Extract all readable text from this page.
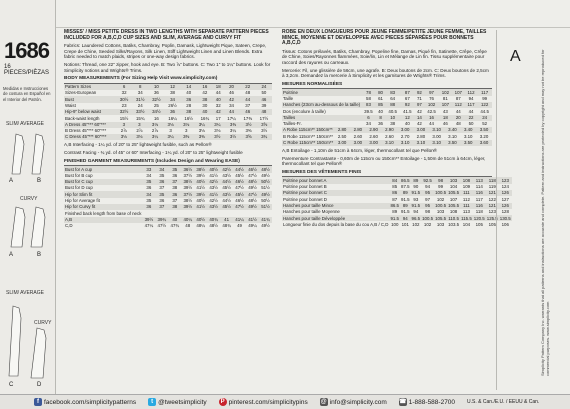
1686
16 PIECES/PIÈZAS
Medidas e Instrucciones de costura en Español en el Interior del Patrón.
SLIM/ AVERAGE
A	B
CURVY
A	B
SLIM/ AVERAGE
CURVY
C	D
MISSES' / MISS PETITE DRESS IN TWO LENGTHS WITH SEPARATE PATTERN PIECES INCLUDED FOR A,B,C,D CUP SIZES AND SLIM, AVERAGE AND CURVY FIT
Fabrics: Laundered Cottons, Batiks, Chambray, Poplin, Damask, Lightweight Pique, Sateen, Crepe, Crepe de Chine, Seeded Silks/Rayons, Silk Linen, Stiff Lightweight Linen and Linen Blends. Extra fabric needed to match plaids, stripes or one-way design fabrics.
Notions: Thread, one 22" zipper, hook and eye. B: Two ⅞" buttons. C: Two 1" to 1¼" buttons. Look for Simplicity notions and Wrights® Trims.
BODY MEASUREMENTS (For Sizing Help Visit www.simplicity.com)
Pattern Sizes	6	8	10	12	14	16	18	20	22	24
Sizes-European	32	34	36	38	40	42	44	46	48	50
Bust	30½	31½	32½	34	36	38	40	42	44	46
Waist	23	24	25	26½	28	30	32	34	37	39
Hip-9" below waist	32½	33½	34½	36	38	40	42	44	46	48
Back-waist length	15½	15¾	16	16¼	16½	16¾	17	17¼	17⅜	17½
A Dress 45"*** 60"***	3	3	3⅛	3⅛	3⅛	3¼	3¼	3⅜	3½	3⅝
B Dress 45"*** 60"***	2⅞	2⅞	2⅞	3	3	3⅛	3⅛	3¼	3⅜	3½
C Dress 45"*** 60"***	3⅛	3⅛	3¼	3¼	3⅜	3⅜	3½	3½	3⅝	3¾
A,B Interfacing - 1¼ yd. of 20" to 25" lightweight fusible, such as Pellon®
Contrast Facing - ¾ yd. of 45" or 60" Interfacing - 1¼ yd. of 20" to 25" lightweight fusible
FINISHED GARMENT MEASUREMENTS (Includes Design and Wearing EASE)
Bust for A cup	33	34	35	36½	38½	40½	42½	44½	46½	48½
Bust for B cup	34	35	36	37½	39½	41½	43½	45½	47½	49½
Bust for C cup	35	36	37	38½	40½	42½	44½	46½	48½	50½
Bust for D cup	36	37	38	39½	41½	43½	45½	47½	49½	51½
Hip for Slim fit	34	35	36	37½	39½	41½	43½	45½	47½	49½
Hip for Average fit	35	36	37	38½	40½	42½	44½	46½	48½	50½
Hip for Curvy fit	36	37	38	39½	41½	43½	45½	47½	49½	51½
Finished back length from base of neck										
A,B	39½	39¾	40	40¼	40½	40¾	41	41¼	41½	41¾
C,D	47¼	47½	47¾	48	48¼	48½	48¾	49	49¼	49½
ROBE EN DEUX LONGUEURS POUR JEUNE FEMME/PETITE JEUNE FEMME, TAILLES MINCE, MOYENNE ET DEVELOPPEE AVEC PIECES SÉPARÉES POUR BONNETS A,B,C,D
Tissus: Cotons prélavés, Batiks, Chambray, Popeline fine, Damas, Piqué fin, Satinette, Crêpe, Crêpe de Chine, Soies/Rayonnes flammées, Soie/lin, Lin et Mélange de Lin fin. Tissu supplémentaire pour raccord des rayures ou carreaux.
Mercerie: Fil, une glissière de 56cm, une agrafe. B: Deux boutons de 2cm. C: Deux boutons de 2,5cm à 3,2cm. Demandez la mercerie à Simplicity et les garnitures de Wrights® Trims.
MESURES NORMALISÉES
Poitrine	78	80	83	87	92	97	102	107	112	117
Taille	58	61	64	67	71	76	81	87	94	99
Hanches (23cm au-dessous de la taille)	83	85	88	92	97	102	107	112	117	122
Dos (encolure à taille)	39.5	40	40.5	41.5	42	42.5	43	44	44	44.5
Tailles	6	8	10	12	14	16	18	20	22	24
Tailles-Fr.	34	36	38	40	42	44	46	48	50	52
A Robe 115cm** 150cm**	2.80	2.80	2.90	2.90	3.00	3.00	3.10	3.40	3.40	3.50
B Robe 115cm** 150cm**	2.50	2.60	2.60	2.60	2.70	2.80	3.00	3.10	3.10	3.20
C Robe 115cm** 150cm**	3.00	3.00	3.00	3.10	3.10	3.10	3.10	3.50	3.50	3.60
A,B Entoilage - 1,10m de 51cm à 64cm, léger, thermocollant tel que Pellon®
Parementure Contrastante - 0,60m de 115cm ou 150cm** Entoilage - 1,50m de 51cm à 64cm, léger, thermocollant tel que Pellon®
MESURES DES VÊTEMENTS FINIS
Poitrine pour bonnet A	84	86.5	89	92.5	98	103	108	113	118	123
Poitrine pour bonnet B	85	87.5	90	94	99	104	109	114	119	124
Poitrine pour bonnet C	86	89	91.5	95	100.5	105.5	111	116	121	126
Poitrine pour bonnet D	87	91.5	93	97	102	107	112	117	122	127
Hanches pour taille Mince	86.5	89	91.5	95	100.5	105.5	111	116	121	126
Hanches pour taille Moyenne	89	91.5	94	98	103	108	113	118	123	128
Hanches pour taille Développée	91.5	94	96.5	100.5	105.5	110.5	115.5	120.5	125.5	130.5
Longueur finie du dos depuis la base du cou A,B / C,D	100	101	102	102	103	103.5	104	105	105	106
A	Simplicity Pattern Company Inc. warrants that all patterns and instructions are accurate and complete. Pattern and instructions are protected by copyright and may not be reproduced for commercial purposes. www.simplicity.com
f facebook.com/simplicitypatterns	t @tweetsimplicity	P pinterest.com/simplicitypins @ info@simplicity.com ☎ 1-888-588-2700 U.S. & Can./E.U. / EEUU & Can.
